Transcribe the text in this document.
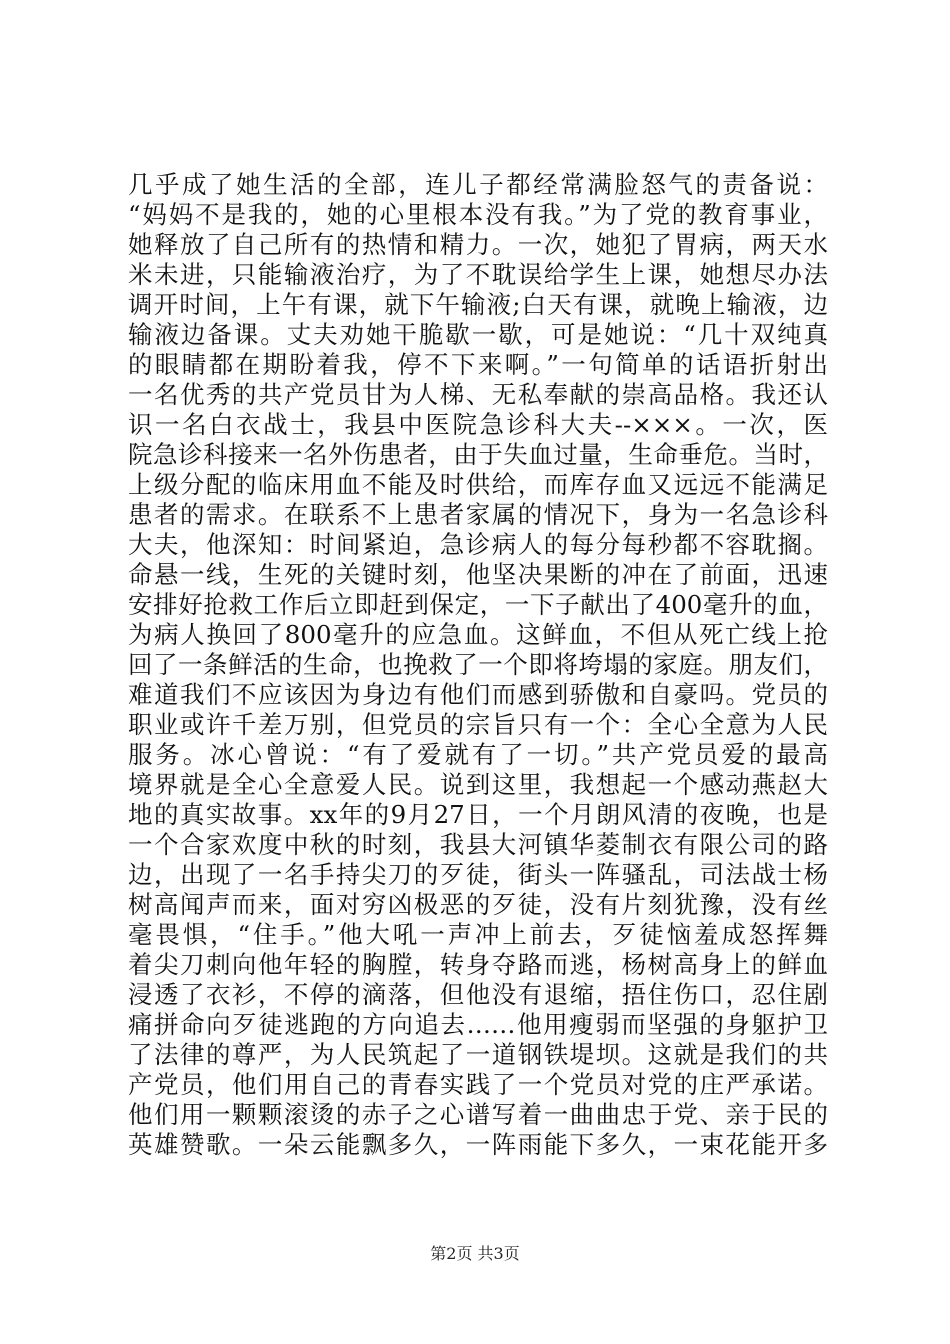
几乎成了她生活的全部，连儿子都经常满脸怒气的责备说：
“妈妈不是我的，她的心里根本没有我。”为了党的教育事业，
她释放了自己所有的热情和精力。一次，她犯了胃病，两天水
米未进，只能输液治疗，为了不耽误给学生上课，她想尽办法
调开时间，上午有课，就下午输液;白天有课，就晚上输液，边
输液边备课。丈夫劝她干脆歇一歇，可是她说：“几十双纯真
的眼睛都在期盼着我，停不下来啊。”一句简单的话语折射出
一名优秀的共产党员甘为人梯、无私奉献的崇高品格。我还认
识一名白衣战士，我县中医院急诊科大夫--×××。一次，医
院急诊科接来一名外伤患者，由于失血过量，生命垂危。当时，
上级分配的临床用血不能及时供给，而库存血又远远不能满足
患者的需求。在联系不上患者家属的情况下，身为一名急诊科
大夫，他深知：时间紧迫，急诊病人的每分每秒都不容耽搁。
命悬一线，生死的关键时刻，他坚决果断的冲在了前面，迅速
安排好抢救工作后立即赶到保定，一下子献出了400毫升的血，
为病人换回了800毫升的应急血。这鲜血，不但从死亡线上抢
回了一条鲜活的生命，也挽救了一个即将垮塌的家庭。朋友们，
难道我们不应该因为身边有他们而感到骄傲和自豪吗。党员的
职业或许千差万别，但党员的宗旨只有一个：全心全意为人民
服务。冰心曾说：“有了爱就有了一切。”共产党员爱的最高
境界就是全心全意爱人民。说到这里，我想起一个感动燕赵大
地的真实故事。xx年的9月27日，一个月朗风清的夜晚，也是
一个合家欢度中秋的时刻，我县大河镇华菱制衣有限公司的路
边，出现了一名手持尖刀的歹徒，街头一阵骚乱，司法战士杨
树高闻声而来，面对穷凶极恶的歹徒，没有片刻犹豫，没有丝
毫畏惧，“住手。”他大吼一声冲上前去，歹徒恼羞成怒挥舞
着尖刀刺向他年轻的胸膛，转身夺路而逃，杨树高身上的鲜血
浸透了衣衫，不停的滴落，但他没有退缩，捂住伤口，忍住剧
痛拼命向歹徒逃跑的方向追去……他用瘦弱而坚强的身躯护卫
了法律的尊严，为人民筑起了一道钢铁堤坝。这就是我们的共
产党员，他们用自己的青春实践了一个党员对党的庄严承诺。
他们用一颗颗滚烫的赤子之心谱写着一曲曲忠于党、亲于民的
英雄赞歌。一朵云能飘多久，一阵雨能下多久，一束花能开多
第2页 共3页
